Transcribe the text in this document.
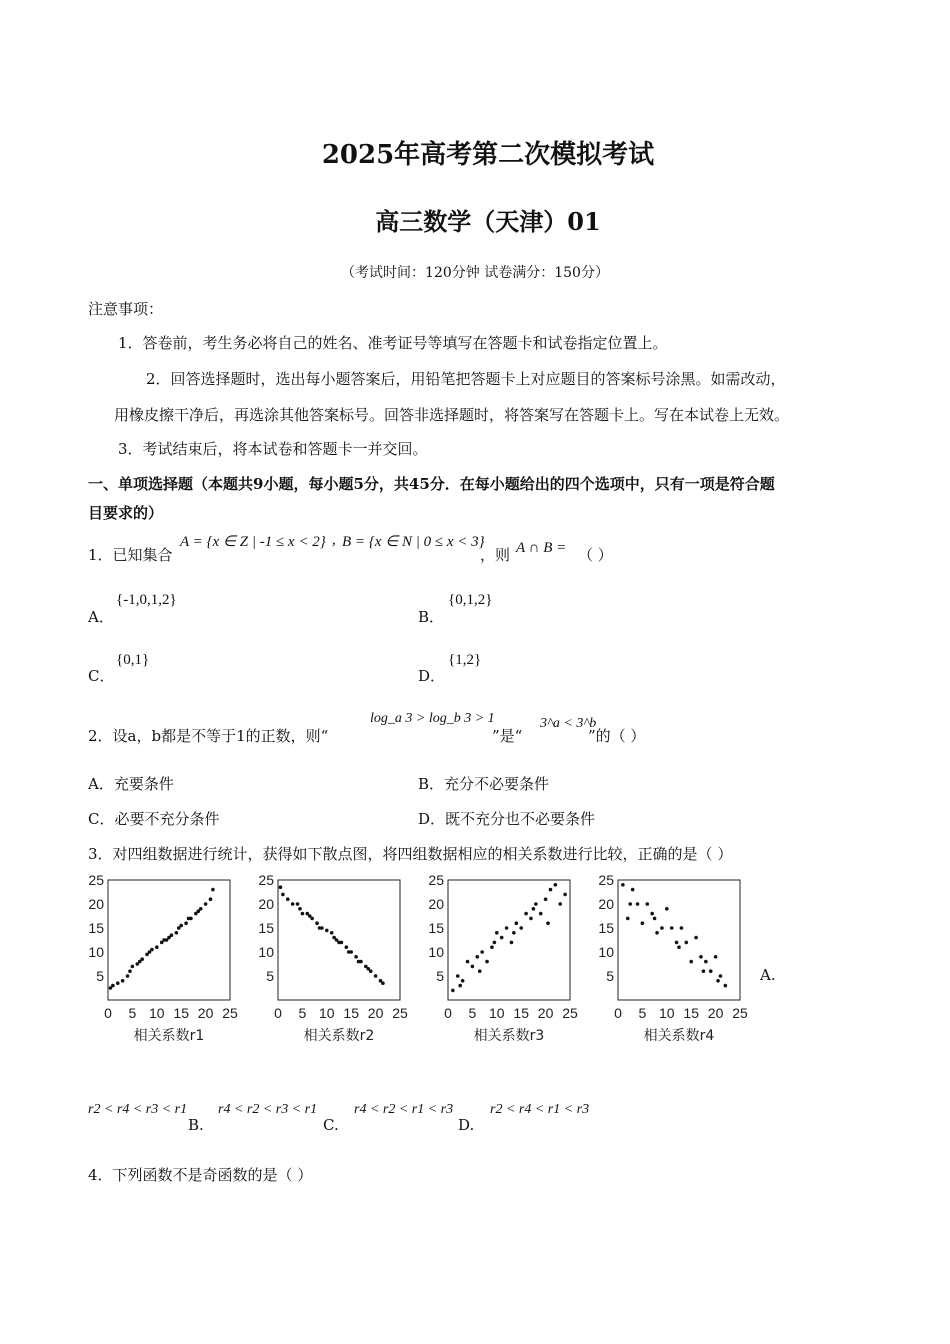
2025年高考第二次模拟考试
高三数学（天津）01
（考试时间：120分钟 试卷满分：150分）
注意事项：
1．答卷前，考生务必将自己的姓名、准考证号等填写在答题卡和试卷指定位置上。
2．回答选择题时，选出每小题答案后，用铅笔把答题卡上对应题目的答案标号涂黑。如需改动，
用橡皮擦干净后，再选涂其他答案标号。回答非选择题时，将答案写在答题卡上。写在本试卷上无效。
3．考试结束后，将本试卷和答题卡一并交回。
一、单项选择题（本题共9小题，每小题5分，共45分．在每小题给出的四个选项中，只有一项是符合题
目要求的）
1．已知集合
A = {x ∈ Z | -1 ≤ x < 2} , B = {x ∈ N | 0 ≤ x < 3}
，则 A ∩ B = （ ）
A．
{-1,0,1,2}
B．
{0,1,2}
C．
{0,1}
D．
{1,2}
2．设a，b都是不等于1的正数，则“
log_a 3 > log_b 3 > 1
”是“
3^a < 3^b
”的（ ）
A．充要条件	B．充分不必要条件
C．必要不充分条件	D．既不充分也不必要条件
3．对四组数据进行统计，获得如下散点图，将四组数据相应的相关系数进行比较，正确的是（ ）
0 5 10 15 20 25
5
10
15
20
25
相关系数r1
0 5 10 15 20 25
5
10
15
20
25
相关系数r2
0 5 10 15 20 25
5
10
15
20
25
相关系数r3
0 5 10 15 20 25
5
10
15
20
25
相关系数r4
A.
r2 < r4 < r3 < r1
B.
r4 < r2 < r3 < r1
C.
r4 < r2 < r1 < r3
D.
r2 < r4 < r1 < r3
4．下列函数不是奇函数的是（ ）
